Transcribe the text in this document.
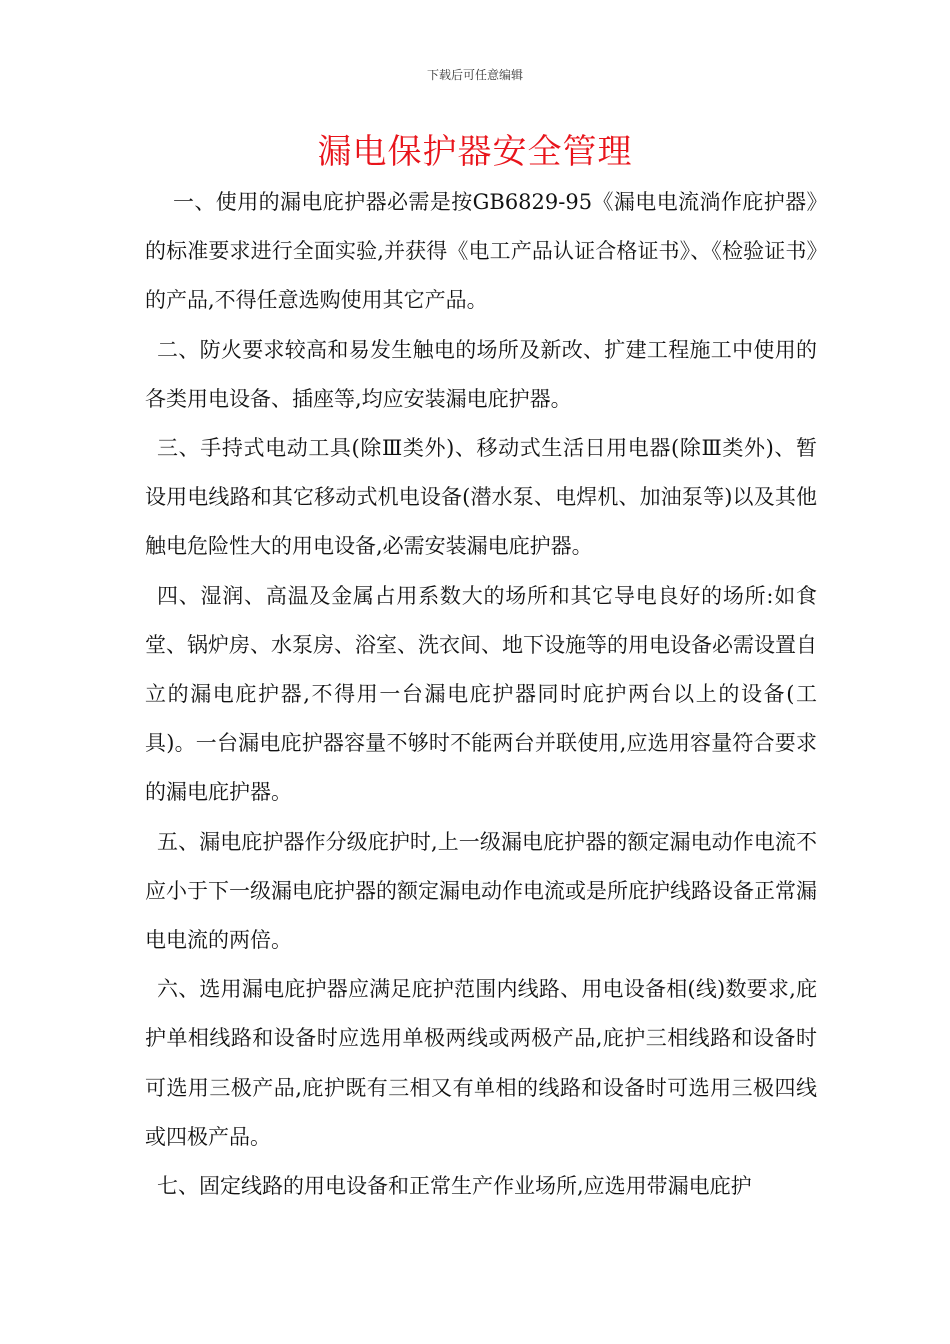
下载后可任意编辑
漏电保护器安全管理

一、使用的漏电庇护器必需是按GB6829-95《漏电电流淌作庇护器》的标准要求进行全面实验,并获得《电工产品认证合格证书》、《检验证书》的产品,不得任意选购使用其它产品。

二、防火要求较高和易发生触电的场所及新改、扩建工程施工中使用的各类用电设备、插座等,均应安装漏电庇护器。

三、手持式电动工具(除Ⅲ类外)、移动式生活日用电器(除Ⅲ类外)、暂设用电线路和其它移动式机电设备(潜水泵、电焊机、加油泵等)以及其他触电危险性大的用电设备,必需安装漏电庇护器。

四、湿润、高温及金属占用系数大的场所和其它导电良好的场所:如食堂、锅炉房、水泵房、浴室、洗衣间、地下设施等的用电设备必需设置自立的漏电庇护器,不得用一台漏电庇护器同时庇护两台以上的设备(工具)。一台漏电庇护器容量不够时不能两台并联使用,应选用容量符合要求的漏电庇护器。

五、漏电庇护器作分级庇护时,上一级漏电庇护器的额定漏电动作电流不应小于下一级漏电庇护器的额定漏电动作电流或是所庇护线路设备正常漏电电流的两倍。

六、选用漏电庇护器应满足庇护范围内线路、用电设备相(线)数要求,庇护单相线路和设备时应选用单极两线或两极产品,庇护三相线路和设备时可选用三极产品,庇护既有三相又有单相的线路和设备时可选用三极四线或四极产品。

七、固定线路的用电设备和正常生产作业场所,应选用带漏电庇护
